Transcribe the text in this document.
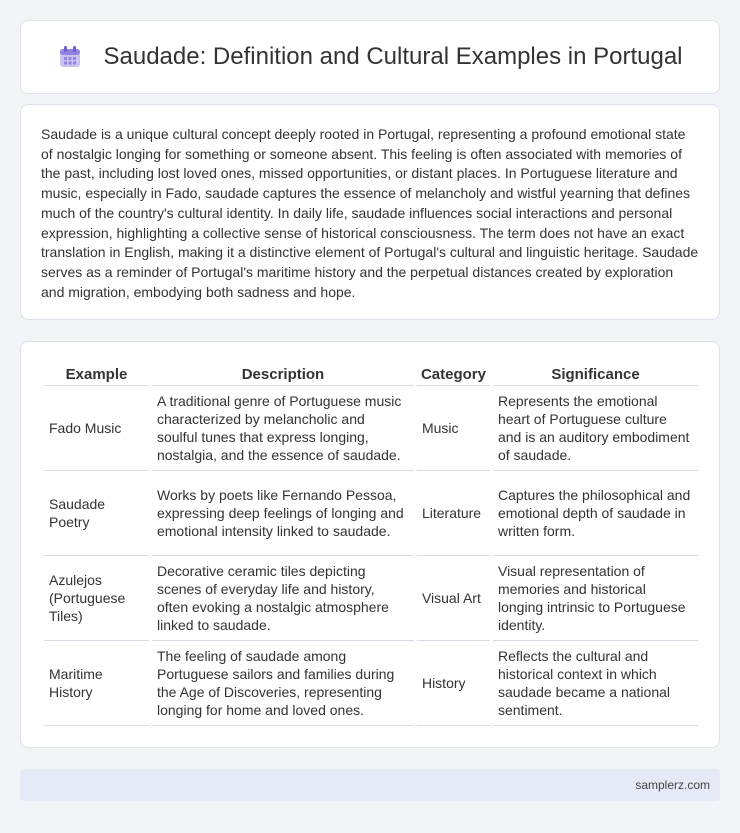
Saudade: Definition and Cultural Examples in Portugal

Saudade is a unique cultural concept deeply rooted in Portugal, representing a profound emotional state of nostalgic longing for something or someone absent. This feeling is often associated with memories of the past, including lost loved ones, missed opportunities, or distant places. In Portuguese literature and music, especially in Fado, saudade captures the essence of melancholy and wistful yearning that defines much of the country's cultural identity. In daily life, saudade influences social interactions and personal expression, highlighting a collective sense of historical consciousness. The term does not have an exact translation in English, making it a distinctive element of Portugal's cultural and linguistic heritage. Saudade serves as a reminder of Portugal's maritime history and the perpetual distances created by exploration and migration, embodying both sadness and hope.

Example	Description	Category	Significance
Fado Music	A traditional genre of Portuguese music characterized by melancholic and soulful tunes that express longing, nostalgia, and the essence of saudade.	Music	Represents the emotional heart of Portuguese culture and is an auditory embodiment of saudade.
Saudade Poetry	Works by poets like Fernando Pessoa, expressing deep feelings of longing and emotional intensity linked to saudade.	Literature	Captures the philosophical and emotional depth of saudade in written form.
Azulejos (Portuguese Tiles)	Decorative ceramic tiles depicting scenes of everyday life and history, often evoking a nostalgic atmosphere linked to saudade.	Visual Art	Visual representation of memories and historical longing intrinsic to Portuguese identity.
Maritime History	The feeling of saudade among Portuguese sailors and families during the Age of Discoveries, representing longing for home and loved ones.	History	Reflects the cultural and historical context in which saudade became a national sentiment.
samplerz.com
